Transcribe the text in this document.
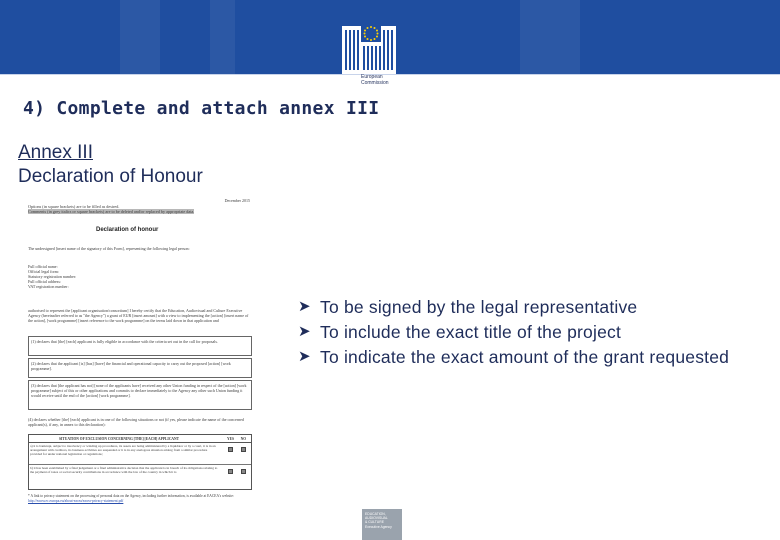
European
Commission
4) Complete and attach annex III
Annex III
Declaration of Honour
December 2015
Options (in square brackets) are to be filled as desired.
Comments (in grey italics or square brackets) are to be deleted and/or replaced by appropriate data.
Declaration of honour
The undersigned [insert name of the signatory of this Form], representing the following legal person:
Full official name:
Official legal form:
Statutory registration number:
Full official address:
VAT registration number:
authorised to represent the [applicant organisation/consortium] I hereby certify that the Education, Audiovisual and Culture Executive Agency (hereinafter referred to as "the Agency") a grant of EUR [insert amount] with a view to implementing the [action] [insert name of the action], [work programme] [insert reference to the work programme] on the terms laid down in that application and
(1) declares that [the] [each] applicant is fully eligible in accordance with the criteria set out in the call for proposals.
(2) declares that the applicant [is] [has] [have] the financial and operational capacity to carry out the proposed [action] [work programme].
(3) declares that [the applicant has not] [none of the applicants have] received any other Union funding in respect of the [action] [work programme] subject of this or other applications and commits to declare immediately to the Agency any other such Union funding it would receive until the end of the [action] [work programme].
(4) declares whether [the] [each] applicant is in one of the following situations or not (if yes, please indicate the name of the concerned applicant(s), if any, in annex to this declaration):
SITUATION OF EXCLUSION CONCERNING [THE] [EACH] APPLICANT	YES NO
a) it is bankrupt, subject to insolvency or winding up procedures, its assets are being administered by a liquidator or by a court, it is in an arrangement with creditors, its business activities are suspended or it is in any analogous situation arising from a similar procedure provided for under national legislation or regulations;
b) it has been established by a final judgement or a final administrative decision that the applicant is in breach of its obligations relating to the payment of taxes or social security contributions in accordance with the law of the country in which it is
* A link to privacy statement on the processing of personal data on the Agency, including further information, is available at EACEA's website:
http://eacea.ec.europa.eu/about-eacea/eacea-privacy-statement.pdf
➤ To be signed by the legal representative
➤ To include the exact title of the project
➤ To indicate the exact amount of the grant requested
EDUCATION,
AUDIOVISUAL
& CULTURE
Executive Agency
